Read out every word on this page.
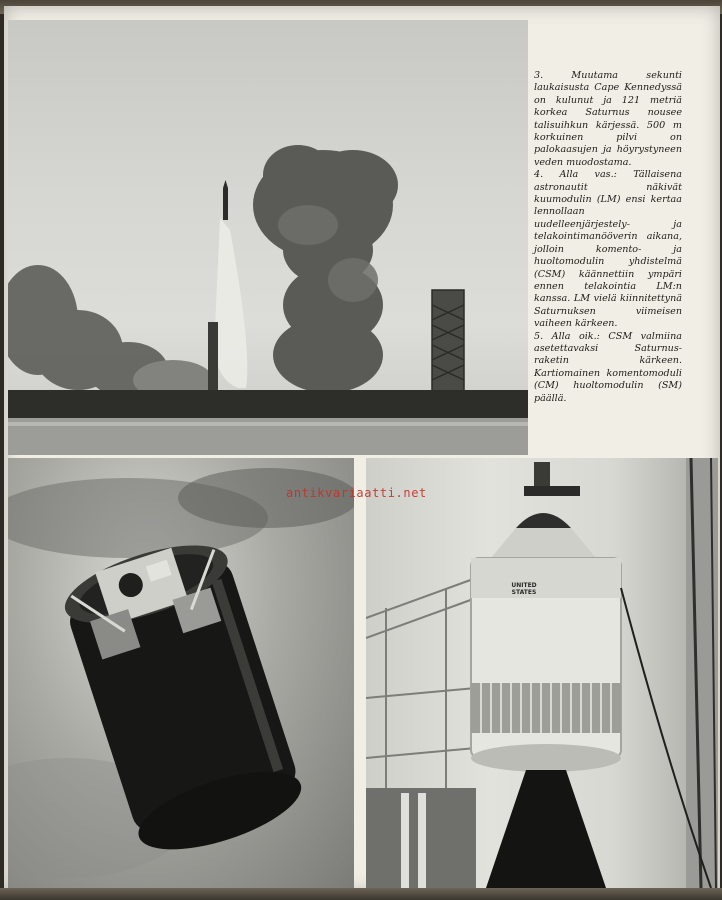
3. Muutama sekunti laukaisusta Cape Kennedyssä on kulunut ja 121 metriä korkea Saturnus nousee talisuihkun kärjessä. 500 m korkuinen pilvi on palokaasujen ja höyrystyneen veden muodostama.

4. Alla vas.: Tällaisena astronautit näkivät kuumodulin (LM) ensi kertaa lennollaan uudelleenjärjestely- ja telakointimanööverin aikana, jolloin komento- ja huoltomodulin yhdistelmä (CSM) käännettiin ympäri ennen telakointia LM:n kanssa. LM vielä kiinnitettynä Saturnuksen viimeisen vaiheen kärkeen.

5. Alla oik.: CSM valmiina asetettavaksi Saturnus-raketin kärkeen. Kartiomainen komentomoduli (CM) huoltomodulin (SM) päällä.

UNITED STATES
antikvariaatti.net
